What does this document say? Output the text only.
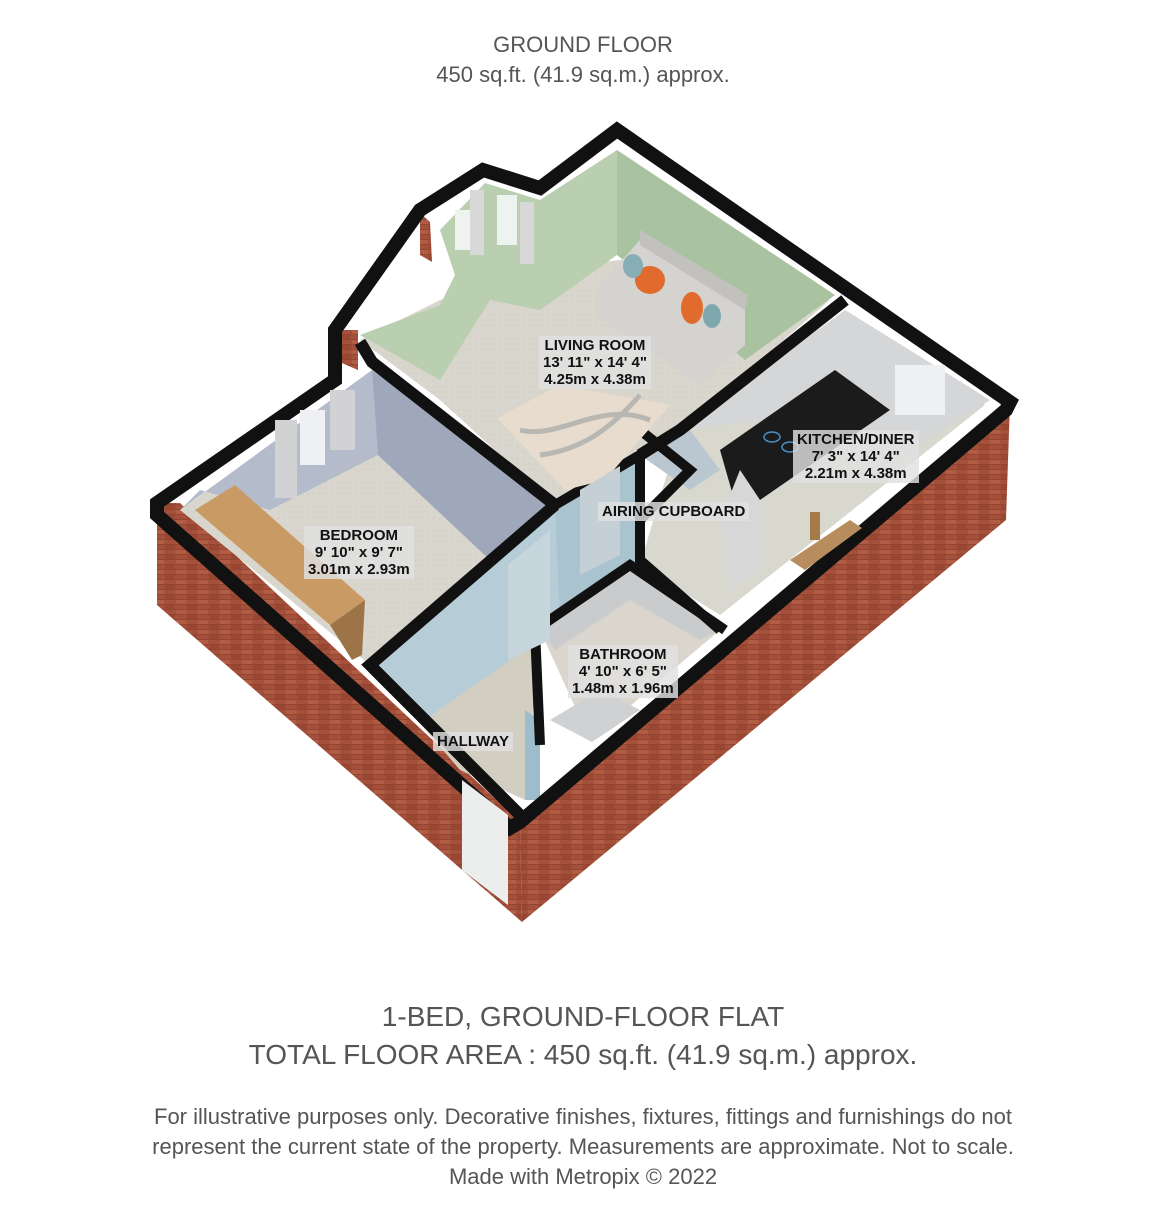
GROUND FLOOR
450 sq.ft. (41.9 sq.m.) approx.
LIVING ROOM
13' 11" x 14' 4"
4.25m x 4.38m
KITCHEN/DINER
7' 3" x 14' 4"
2.21m x 4.38m
BEDROOM
9' 10" x 9' 7"
3.01m x 2.93m
AIRING CUPBOARD
BATHROOM
4' 10" x 6' 5"
1.48m x 1.96m
HALLWAY
1-BED, GROUND-FLOOR FLAT
TOTAL FLOOR AREA : 450 sq.ft. (41.9 sq.m.) approx.
For illustrative purposes only. Decorative finishes, fixtures, fittings and furnishings do not
represent the current state of the property. Measurements are approximate. Not to scale.
Made with Metropix © 2022
